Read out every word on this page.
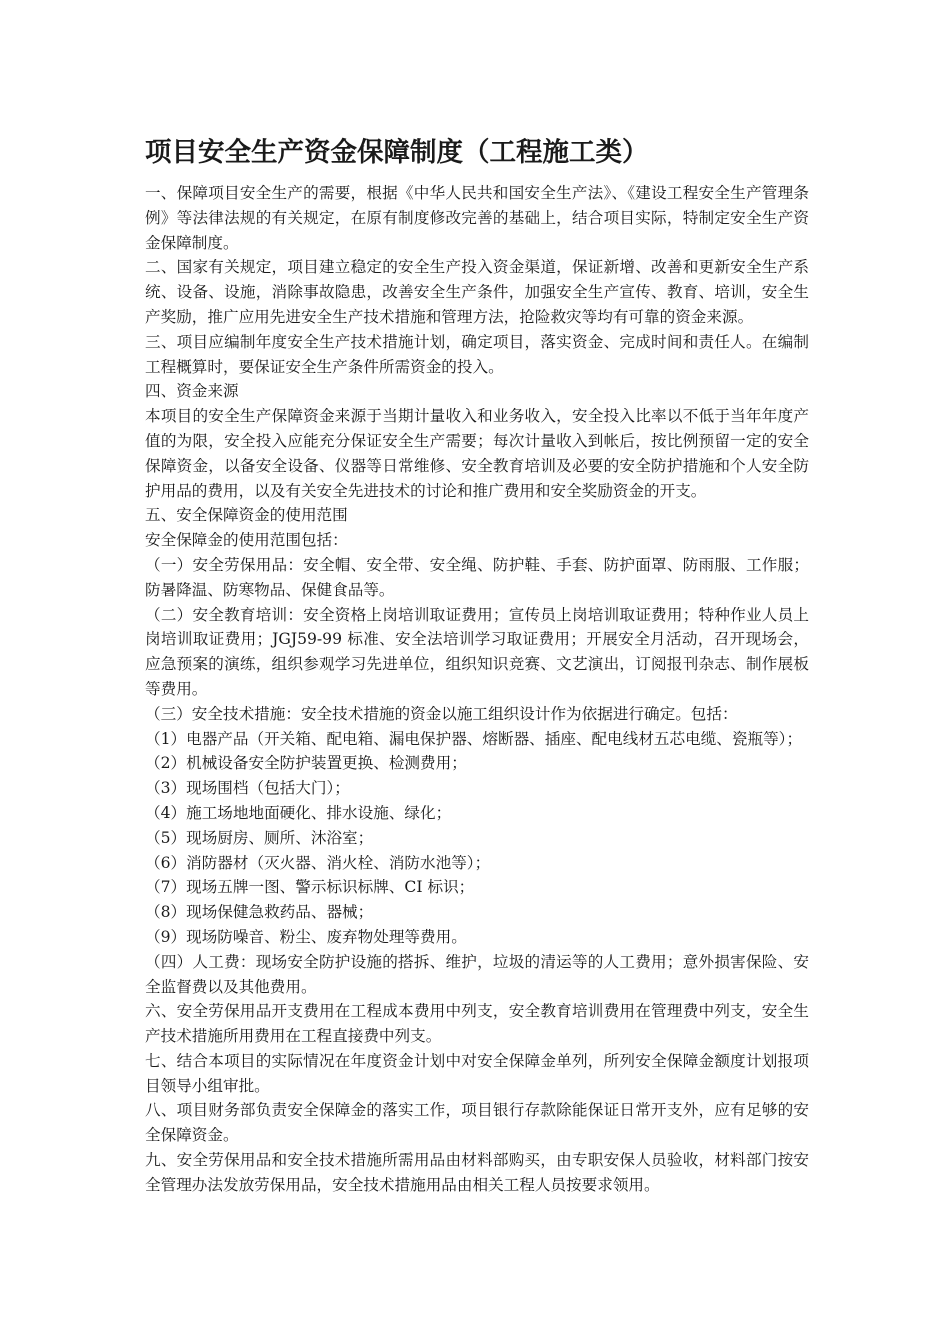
项目安全生产资金保障制度（工程施工类）

一、保障项目安全生产的需要，根据《中华人民共和国安全生产法》、《建设工程安全生产管理条例》等法律法规的有关规定，在原有制度修改完善的基础上，结合项目实际，特制定安全生产资金保障制度。

二、国家有关规定，项目建立稳定的安全生产投入资金渠道，保证新增、改善和更新安全生产系统、设备、设施，消除事故隐患，改善安全生产条件，加强安全生产宣传、教育、培训，安全生产奖励，推广应用先进安全生产技术措施和管理方法，抢险救灾等均有可靠的资金来源。

三、项目应编制年度安全生产技术措施计划，确定项目，落实资金、完成时间和责任人。在编制工程概算时，要保证安全生产条件所需资金的投入。

四、资金来源

本项目的安全生产保障资金来源于当期计量收入和业务收入，安全投入比率以不低于当年年度产值的为限，安全投入应能充分保证安全生产需要；每次计量收入到帐后，按比例预留一定的安全保障资金，以备安全设备、仪器等日常维修、安全教育培训及必要的安全防护措施和个人安全防护用品的费用，以及有关安全先进技术的讨论和推广费用和安全奖励资金的开支。

五、安全保障资金的使用范围

安全保障金的使用范围包括：

（一）安全劳保用品：安全帽、安全带、安全绳、防护鞋、手套、防护面罩、防雨服、工作服；防暑降温、防寒物品、保健食品等。

（二）安全教育培训：安全资格上岗培训取证费用；宣传员上岗培训取证费用；特种作业人员上岗培训取证费用；JGJ59-99 标准、安全法培训学习取证费用；开展安全月活动，召开现场会，应急预案的演练，组织参观学习先进单位，组织知识竞赛、文艺演出，订阅报刊杂志、制作展板等费用。

（三）安全技术措施：安全技术措施的资金以施工组织设计作为依据进行确定。包括：

（1）电器产品（开关箱、配电箱、漏电保护器、熔断器、插座、配电线材五芯电缆、瓷瓶等）；

（2）机械设备安全防护装置更换、检测费用；

（3）现场围档（包括大门）；

（4）施工场地地面硬化、排水设施、绿化；

（5）现场厨房、厕所、沐浴室；

（6）消防器材（灭火器、消火栓、消防水池等）；

（7）现场五牌一图、警示标识标牌、CI 标识；

（8）现场保健急救药品、器械；

（9）现场防噪音、粉尘、废弃物处理等费用。

（四）人工费：现场安全防护设施的搭拆、维护，垃圾的清运等的人工费用；意外损害保险、安全监督费以及其他费用。

六、安全劳保用品开支费用在工程成本费用中列支，安全教育培训费用在管理费中列支，安全生产技术措施所用费用在工程直接费中列支。

七、结合本项目的实际情况在年度资金计划中对安全保障金单列，所列安全保障金额度计划报项目领导小组审批。

八、项目财务部负责安全保障金的落实工作，项目银行存款除能保证日常开支外，应有足够的安全保障资金。

九、安全劳保用品和安全技术措施所需用品由材料部购买，由专职安保人员验收，材料部门按安全管理办法发放劳保用品，安全技术措施用品由相关工程人员按要求领用。
